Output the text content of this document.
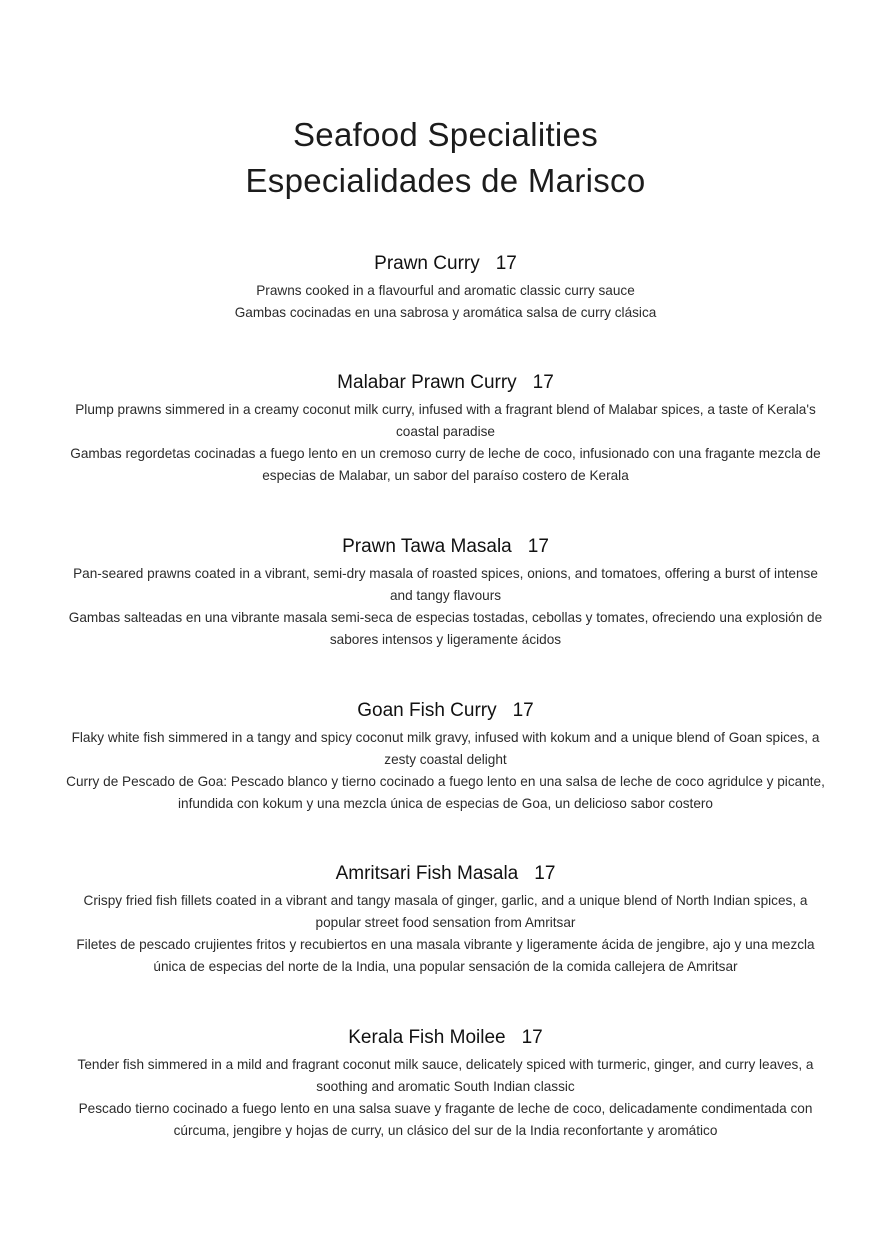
Seafood Specialities

Especialidades de Marisco

Prawn Curry 17

Prawns cooked in a flavourful and aromatic classic curry sauce

Gambas cocinadas en una sabrosa y aromática salsa de curry clásica

Malabar Prawn Curry 17

Plump prawns simmered in a creamy coconut milk curry, infused with a fragrant blend of Malabar spices, a taste of Kerala's coastal paradise

Gambas regordetas cocinadas a fuego lento en un cremoso curry de leche de coco, infusionado con una fragante mezcla de especias de Malabar, un sabor del paraíso costero de Kerala

Prawn Tawa Masala 17

Pan-seared prawns coated in a vibrant, semi-dry masala of roasted spices, onions, and tomatoes, offering a burst of intense and tangy flavours

Gambas salteadas en una vibrante masala semi-seca de especias tostadas, cebollas y tomates, ofreciendo una explosión de sabores intensos y ligeramente ácidos

Goan Fish Curry 17

Flaky white fish simmered in a tangy and spicy coconut milk gravy, infused with kokum and a unique blend of Goan spices, a zesty coastal delight

Curry de Pescado de Goa: Pescado blanco y tierno cocinado a fuego lento en una salsa de leche de coco agridulce y picante, infundida con kokum y una mezcla única de especias de Goa, un delicioso sabor costero

Amritsari Fish Masala 17

Crispy fried fish fillets coated in a vibrant and tangy masala of ginger, garlic, and a unique blend of North Indian spices, a popular street food sensation from Amritsar

Filetes de pescado crujientes fritos y recubiertos en una masala vibrante y ligeramente ácida de jengibre, ajo y una mezcla única de especias del norte de la India, una popular sensación de la comida callejera de Amritsar

Kerala Fish Moilee 17

Tender fish simmered in a mild and fragrant coconut milk sauce, delicately spiced with turmeric, ginger, and curry leaves, a soothing and aromatic South Indian classic

Pescado tierno cocinado a fuego lento en una salsa suave y fragante de leche de coco, delicadamente condimentada con cúrcuma, jengibre y hojas de curry, un clásico del sur de la India reconfortante y aromático
